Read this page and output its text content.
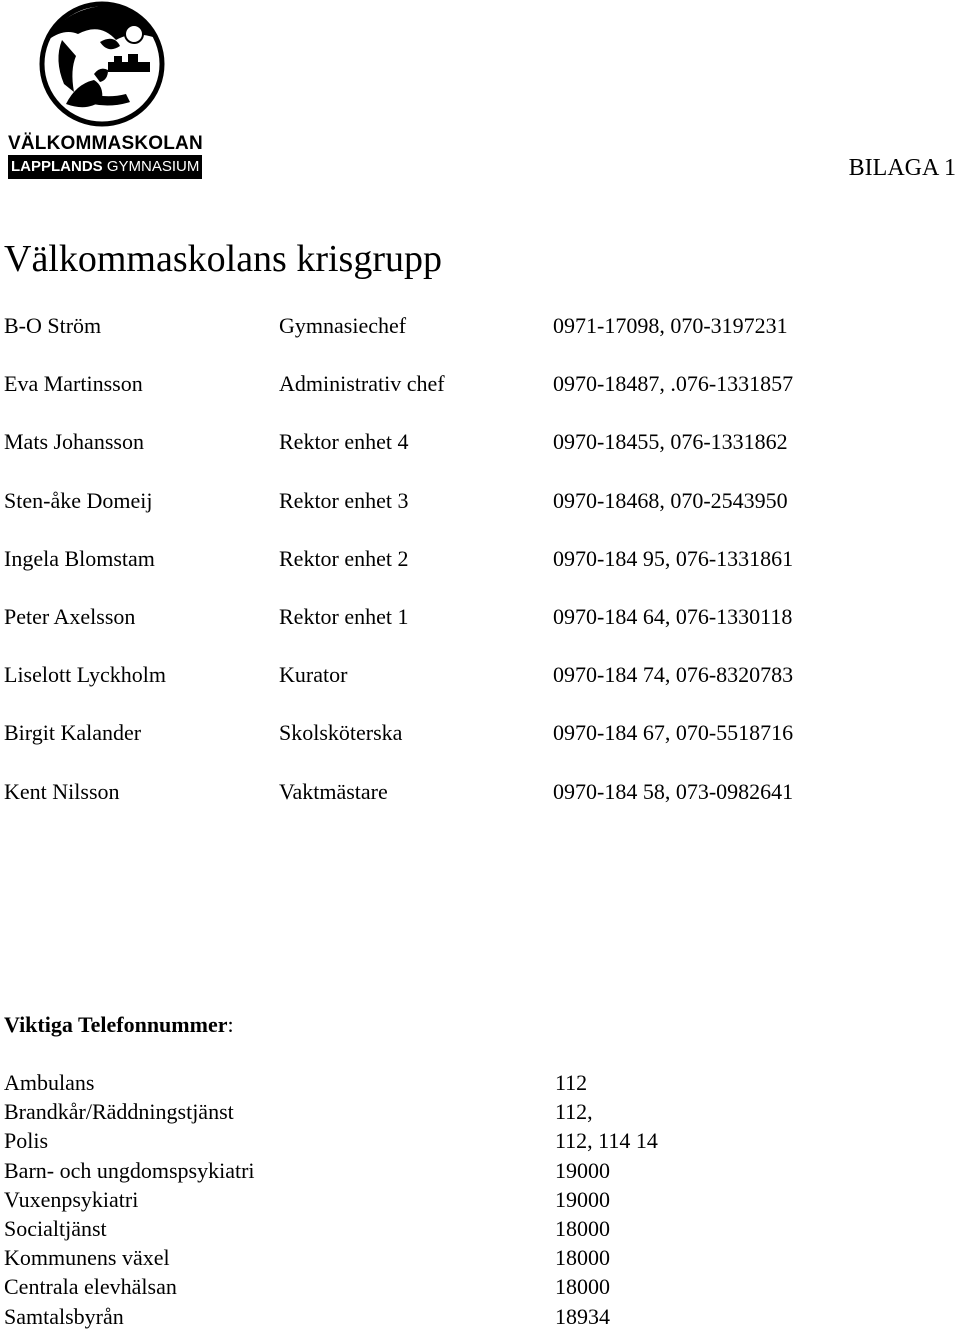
VÄLKOMMASKOLAN
LAPPLANDS GYMNASIUM	BILAGA 1
Välkommaskolans krisgrupp
B-O Ström	Gymnasiechef	0971-17098, 070-3197231
Eva Martinsson	Administrativ chef	0970-18487, .076-1331857
Mats Johansson	Rektor enhet 4	0970-18455, 076-1331862
Sten-åke Domeij	Rektor enhet 3	0970-18468, 070-2543950
Ingela Blomstam	Rektor enhet 2	0970-184 95, 076-1331861
Peter Axelsson	Rektor enhet 1	0970-184 64, 076-1330118
Liselott Lyckholm	Kurator	0970-184 74, 076-8320783
Birgit Kalander	Skolsköterska	0970-184 67, 070-5518716
Kent Nilsson	Vaktmästare	0970-184 58, 073-0982641
Viktiga Telefonnummer:
Ambulans	112
Brandkår/Räddningstjänst	112,
Polis	112, 114 14
Barn- och ungdomspsykiatri	19000
Vuxenpsykiatri	19000
Socialtjänst	18000
Kommunens växel	18000
Centrala elevhälsan	18000
Samtalsbyrån	18934
